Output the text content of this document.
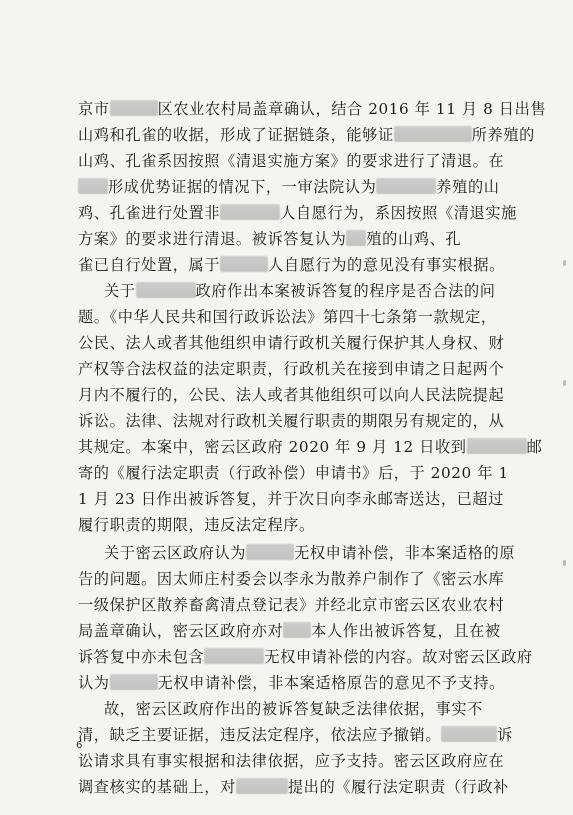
京市	区农业农村局盖章确认，结合 2016 年 11 月 8 日出售
山鸡和孔雀的收据，形成了证据链条，能够证	所养殖的
山鸡、孔雀系因按照《清退实施方案》的要求进行了清退。在
形成优势证据的情况下，一审法院认为	养殖的山
鸡、孔雀进行处置非	人自愿行为，系因按照《清退实施
方案》的要求进行清退。被诉答复认为 殖的山鸡、孔
雀已自行处置，属于	人自愿行为的意见没有事实根据。
关于	政府作出本案被诉答复的程序是否合法的问
题。《中华人民共和国行政诉讼法》第四十七条第一款规定，
公民、法人或者其他组织申请行政机关履行保护其人身权、财
产权等合法权益的法定职责，行政机关在接到申请之日起两个
月内不履行的，公民、法人或者其他组织可以向人民法院提起
诉讼。法律、法规对行政机关履行职责的期限另有规定的，从
其规定。本案中，密云区政府 2020 年 9 月 12 日收到	邮
寄的《履行法定职责（行政补偿）申请书》后，于 2020 年 1
1 月 23 日作出被诉答复，并于次日向李永邮寄送达，已超过
履行职责的期限，违反法定程序。
关于密云区政府认为	无权申请补偿，非本案适格的原
告的问题。因太师庄村委会以李永为散养户制作了《密云水库
一级保护区散养畜禽清点登记表》并经北京市密云区农业农村
局盖章确认，密云区政府亦对 本人作出被诉答复，且在被
诉答复中亦未包含	无权申请补偿的内容。故对密云区政府
认为	无权申请补偿，非本案适格原告的意见不予支持。
故，密云区政府作出的被诉答复缺乏法律依据，事实不
清，缺乏主要证据，违反法定程序，依法应予撤销。	诉
讼请求具有事实根据和法律依据，应予支持。密云区政府应在
调查核实的基础上，对	提出的《履行法定职责（行政补
6
